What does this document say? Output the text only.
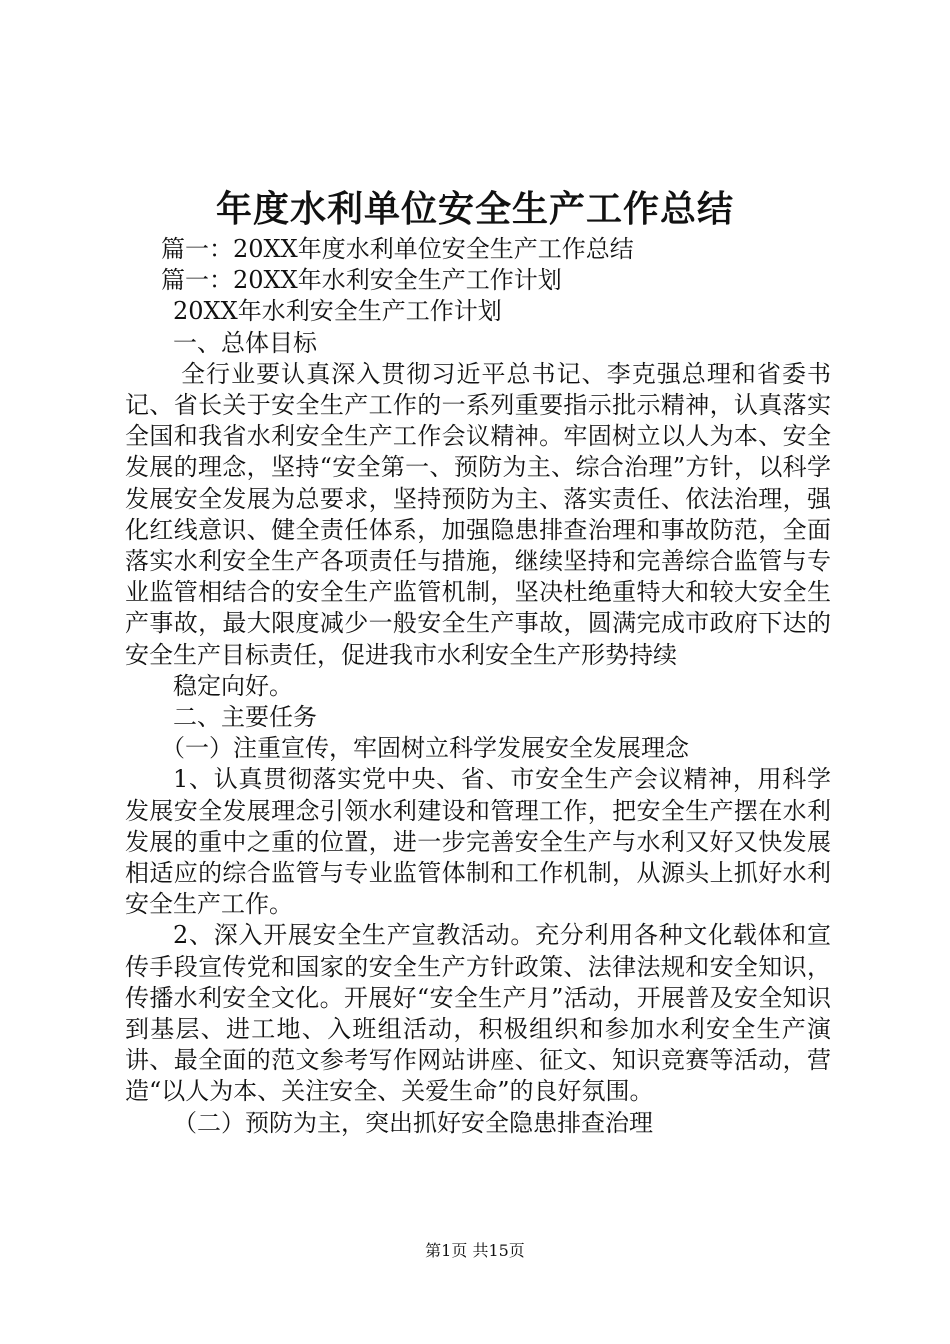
年度水利单位安全生产工作总结

篇一：20XX年度水利单位安全生产工作总结

篇一：20XX年水利安全生产工作计划

20XX年水利安全生产工作计划

一、总体目标

全行业要认真深入贯彻习近平总书记、李克强总理和省委书记、省长关于安全生产工作的一系列重要指示批示精神，认真落实全国和我省水利安全生产工作会议精神。牢固树立以人为本、安全发展的理念，坚持“安全第一、预防为主、综合治理”方针，以科学发展安全发展为总要求，坚持预防为主、落实责任、依法治理，强化红线意识、健全责任体系，加强隐患排查治理和事故防范，全面落实水利安全生产各项责任与措施，继续坚持和完善综合监管与专业监管相结合的安全生产监管机制，坚决杜绝重特大和较大安全生产事故，最大限度减少一般安全生产事故，圆满完成市政府下达的安全生产目标责任，促进我市水利安全生产形势持续

稳定向好。

二、主要任务

（一）注重宣传，牢固树立科学发展安全发展理念

1、认真贯彻落实党中央、省、市安全生产会议精神，用科学发展安全发展理念引领水利建设和管理工作，把安全生产摆在水利发展的重中之重的位置，进一步完善安全生产与水利又好又快发展相适应的综合监管与专业监管体制和工作机制，从源头上抓好水利安全生产工作。

2、深入开展安全生产宣教活动。充分利用各种文化载体和宣传手段宣传党和国家的安全生产方针政策、法律法规和安全知识，传播水利安全文化。开展好“安全生产月”活动，开展普及安全知识到基层、进工地、入班组活动，积极组织和参加水利安全生产演讲、最全面的范文参考写作网站讲座、征文、知识竞赛等活动，营造“以人为本、关注安全、关爱生命”的良好氛围。

（二）预防为主，突出抓好安全隐患排查治理

第1页 共15页
